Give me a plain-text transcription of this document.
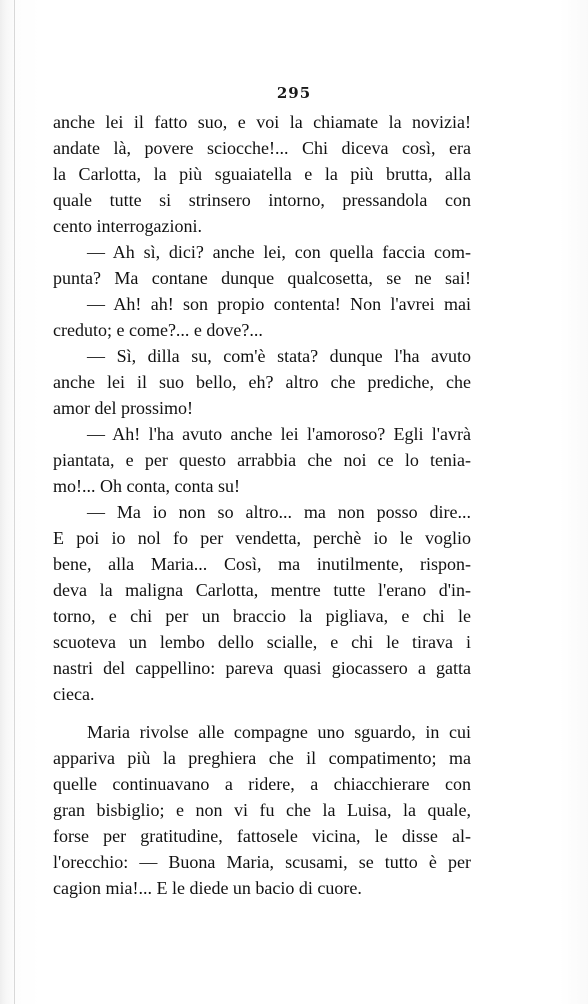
295
anche lei il fatto suo, e voi la chiamate la novizia!
andate là, povere sciocche!... Chi diceva così, era
la Carlotta, la più sguaiatella e la più brutta, alla
quale tutte si strinsero intorno, pressandola con
cento interrogazioni.
— Ah sì, dici? anche lei, con quella faccia com-
punta? Ma contane dunque qualcosetta, se ne sai!
— Ah! ah! son propio contenta! Non l'avrei mai
creduto; e come?... e dove?...
— Sì, dilla su, com'è stata? dunque l'ha avuto
anche lei il suo bello, eh? altro che prediche, che
amor del prossimo!
— Ah! l'ha avuto anche lei l'amoroso? Egli l'avrà
piantata, e per questo arrabbia che noi ce lo tenia-
mo!... Oh conta, conta su!
— Ma io non so altro... ma non posso dire...
E poi io nol fo per vendetta, perchè io le voglio
bene, alla Maria... Così, ma inutilmente, rispon-
deva la maligna Carlotta, mentre tutte l'erano d'in-
torno, e chi per un braccio la pigliava, e chi le
scuoteva un lembo dello scialle, e chi le tirava i
nastri del cappellino: pareva quasi giocassero a gatta
cieca.
Maria rivolse alle compagne uno sguardo, in cui
appariva più la preghiera che il compatimento; ma
quelle continuavano a ridere, a chiacchierare con
gran bisbiglio; e non vi fu che la Luisa, la quale,
forse per gratitudine, fattosele vicina, le disse al-
l'orecchio: — Buona Maria, scusami, se tutto è per
cagion mia!... E le diede un bacio di cuore.
